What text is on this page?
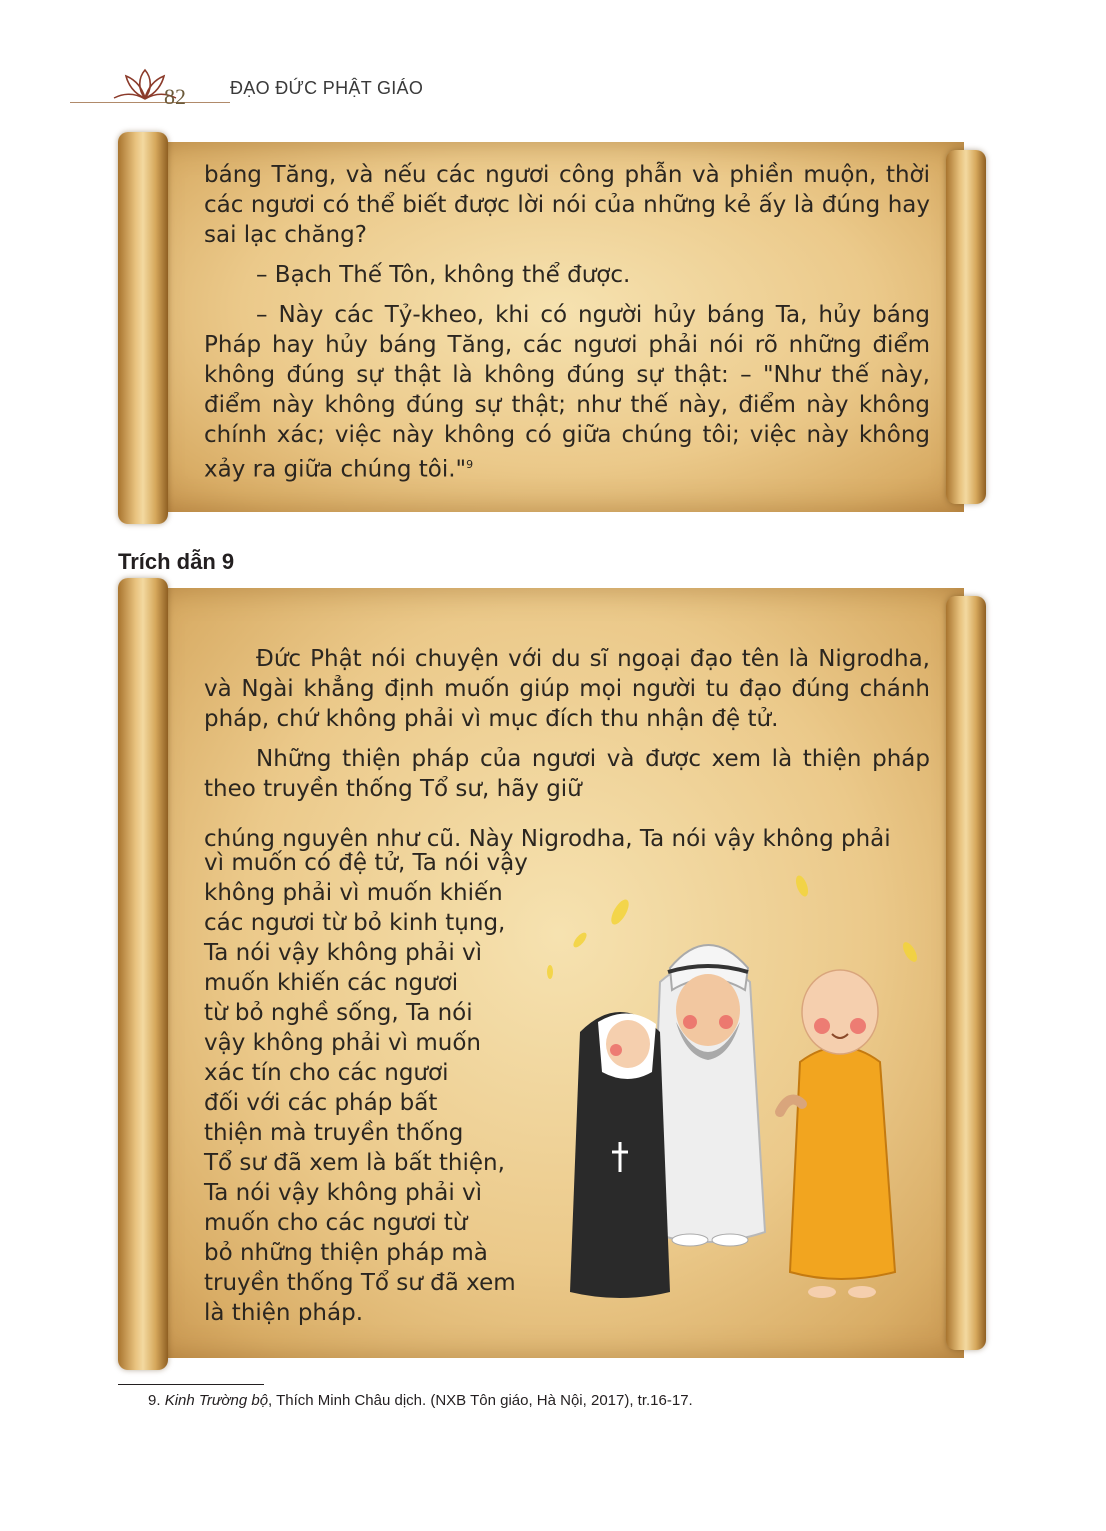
82 ĐẠO ĐỨC PHẬT GIÁO

báng Tăng, và nếu các ngươi công phẫn và phiền muộn, thời các ngươi có thể biết được lời nói của những kẻ ấy là đúng hay sai lạc chăng?

– Bạch Thế Tôn, không thể được.

– Này các Tỷ-kheo, khi có người hủy báng Ta, hủy báng Pháp hay hủy báng Tăng, các ngươi phải nói rõ những điểm không đúng sự thật là không đúng sự thật: – "Như thế này, điểm này không đúng sự thật; như thế này, điểm này không chính xác; việc này không có giữa chúng tôi; việc này không xảy ra giữa chúng tôi."$^9$

Trích dẫn 9

Đức Phật nói chuyện với du sĩ ngoại đạo tên là Nigrodha, và Ngài khẳng định muốn giúp mọi người tu đạo đúng chánh pháp, chứ không phải vì mục đích thu nhận đệ tử.

Những thiện pháp của ngươi và được xem là thiện pháp theo truyền thống Tổ sư, hãy giữ

chúng nguyên như cũ. Này Nigrodha, Ta nói vậy không phải

vì muốn có đệ tử, Ta nói vậy

không phải vì muốn khiến

các ngươi từ bỏ kinh tụng,

Ta nói vậy không phải vì

muốn khiến các ngươi

từ bỏ nghề sống, Ta nói

vậy không phải vì muốn

xác tín cho các ngươi

đối với các pháp bất

thiện mà truyền thống

Tổ sư đã xem là bất thiện,

Ta nói vậy không phải vì

muốn cho các ngươi từ

bỏ những thiện pháp mà

truyền thống Tổ sư đã xem

là thiện pháp.

9. Kinh Trường bộ, Thích Minh Châu dịch. (NXB Tôn giáo, Hà Nội, 2017), tr.16-17.
